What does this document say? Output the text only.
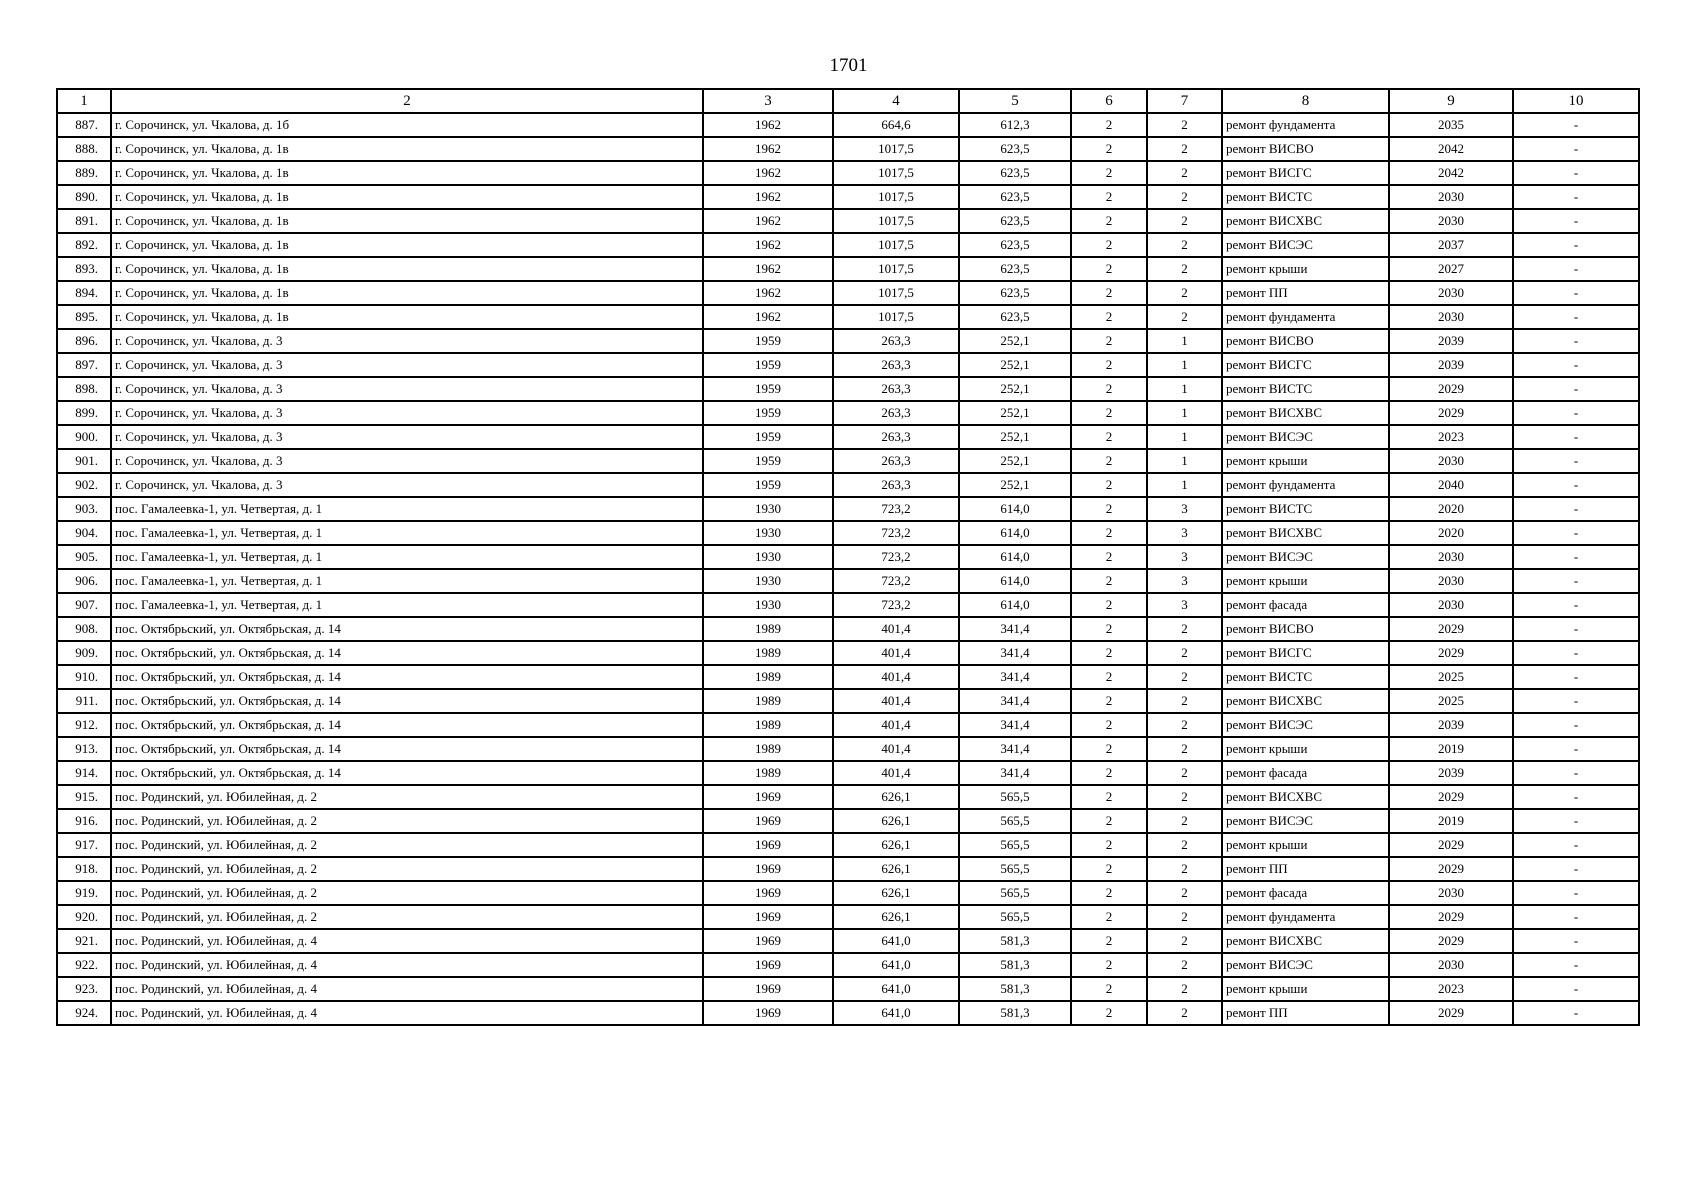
1701
1	2	3	4	5	6	7	8	9	10
887.	г. Сорочинск, ул. Чкалова, д. 1б	1962	664,6	612,3	2	2	ремонт фундамента	2035	-
888.	г. Сорочинск, ул. Чкалова, д. 1в	1962	1017,5	623,5	2	2	ремонт ВИСВО	2042	-
889.	г. Сорочинск, ул. Чкалова, д. 1в	1962	1017,5	623,5	2	2	ремонт ВИСГС	2042	-
890.	г. Сорочинск, ул. Чкалова, д. 1в	1962	1017,5	623,5	2	2	ремонт ВИСТС	2030	-
891.	г. Сорочинск, ул. Чкалова, д. 1в	1962	1017,5	623,5	2	2	ремонт ВИСХВС	2030	-
892.	г. Сорочинск, ул. Чкалова, д. 1в	1962	1017,5	623,5	2	2	ремонт ВИСЭС	2037	-
893.	г. Сорочинск, ул. Чкалова, д. 1в	1962	1017,5	623,5	2	2	ремонт крыши	2027	-
894.	г. Сорочинск, ул. Чкалова, д. 1в	1962	1017,5	623,5	2	2	ремонт ПП	2030	-
895.	г. Сорочинск, ул. Чкалова, д. 1в	1962	1017,5	623,5	2	2	ремонт фундамента	2030	-
896.	г. Сорочинск, ул. Чкалова, д. 3	1959	263,3	252,1	2	1	ремонт ВИСВО	2039	-
897.	г. Сорочинск, ул. Чкалова, д. 3	1959	263,3	252,1	2	1	ремонт ВИСГС	2039	-
898.	г. Сорочинск, ул. Чкалова, д. 3	1959	263,3	252,1	2	1	ремонт ВИСТС	2029	-
899.	г. Сорочинск, ул. Чкалова, д. 3	1959	263,3	252,1	2	1	ремонт ВИСХВС	2029	-
900.	г. Сорочинск, ул. Чкалова, д. 3	1959	263,3	252,1	2	1	ремонт ВИСЭС	2023	-
901.	г. Сорочинск, ул. Чкалова, д. 3	1959	263,3	252,1	2	1	ремонт крыши	2030	-
902.	г. Сорочинск, ул. Чкалова, д. 3	1959	263,3	252,1	2	1	ремонт фундамента	2040	-
903.	пос. Гамалеевка-1, ул. Четвертая, д. 1	1930	723,2	614,0	2	3	ремонт ВИСТС	2020	-
904.	пос. Гамалеевка-1, ул. Четвертая, д. 1	1930	723,2	614,0	2	3	ремонт ВИСХВС	2020	-
905.	пос. Гамалеевка-1, ул. Четвертая, д. 1	1930	723,2	614,0	2	3	ремонт ВИСЭС	2030	-
906.	пос. Гамалеевка-1, ул. Четвертая, д. 1	1930	723,2	614,0	2	3	ремонт крыши	2030	-
907.	пос. Гамалеевка-1, ул. Четвертая, д. 1	1930	723,2	614,0	2	3	ремонт фасада	2030	-
908.	пос. Октябрьский, ул. Октябрьская, д. 14	1989	401,4	341,4	2	2	ремонт ВИСВО	2029	-
909.	пос. Октябрьский, ул. Октябрьская, д. 14	1989	401,4	341,4	2	2	ремонт ВИСГС	2029	-
910.	пос. Октябрьский, ул. Октябрьская, д. 14	1989	401,4	341,4	2	2	ремонт ВИСТС	2025	-
911.	пос. Октябрьский, ул. Октябрьская, д. 14	1989	401,4	341,4	2	2	ремонт ВИСХВС	2025	-
912.	пос. Октябрьский, ул. Октябрьская, д. 14	1989	401,4	341,4	2	2	ремонт ВИСЭС	2039	-
913.	пос. Октябрьский, ул. Октябрьская, д. 14	1989	401,4	341,4	2	2	ремонт крыши	2019	-
914.	пос. Октябрьский, ул. Октябрьская, д. 14	1989	401,4	341,4	2	2	ремонт фасада	2039	-
915.	пос. Родинский, ул. Юбилейная, д. 2	1969	626,1	565,5	2	2	ремонт ВИСХВС	2029	-
916.	пос. Родинский, ул. Юбилейная, д. 2	1969	626,1	565,5	2	2	ремонт ВИСЭС	2019	-
917.	пос. Родинский, ул. Юбилейная, д. 2	1969	626,1	565,5	2	2	ремонт крыши	2029	-
918.	пос. Родинский, ул. Юбилейная, д. 2	1969	626,1	565,5	2	2	ремонт ПП	2029	-
919.	пос. Родинский, ул. Юбилейная, д. 2	1969	626,1	565,5	2	2	ремонт фасада	2030	-
920.	пос. Родинский, ул. Юбилейная, д. 2	1969	626,1	565,5	2	2	ремонт фундамента	2029	-
921.	пос. Родинский, ул. Юбилейная, д. 4	1969	641,0	581,3	2	2	ремонт ВИСХВС	2029	-
922.	пос. Родинский, ул. Юбилейная, д. 4	1969	641,0	581,3	2	2	ремонт ВИСЭС	2030	-
923.	пос. Родинский, ул. Юбилейная, д. 4	1969	641,0	581,3	2	2	ремонт крыши	2023	-
924.	пос. Родинский, ул. Юбилейная, д. 4	1969	641,0	581,3	2	2	ремонт ПП	2029	-
